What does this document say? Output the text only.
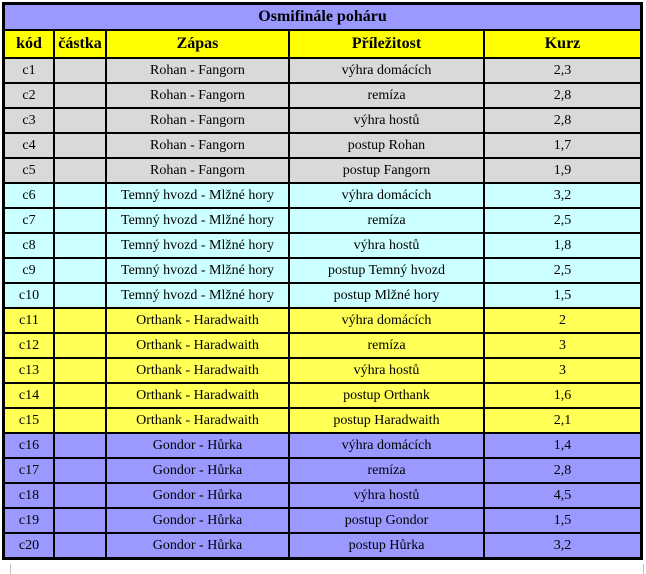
Osmifinále poháru				
kód	částka	Zápas	Příležitost	Kurz
c1		Rohan - Fangorn	výhra domácích	2,3
c2		Rohan - Fangorn	remíza	2,8
c3		Rohan - Fangorn	výhra hostů	2,8
c4		Rohan - Fangorn	postup Rohan	1,7
c5		Rohan - Fangorn	postup Fangorn	1,9
c6		Temný hvozd - Mlžné hory	výhra domácích	3,2
c7		Temný hvozd - Mlžné hory	remíza	2,5
c8		Temný hvozd - Mlžné hory	výhra hostů	1,8
c9		Temný hvozd - Mlžné hory	postup Temný hvozd	2,5
c10		Temný hvozd - Mlžné hory	postup Mlžné hory	1,5
c11		Orthank - Haradwaith	výhra domácích	2
c12		Orthank - Haradwaith	remíza	3
c13		Orthank - Haradwaith	výhra hostů	3
c14		Orthank - Haradwaith	postup Orthank	1,6
c15		Orthank - Haradwaith	postup Haradwaith	2,1
c16		Gondor - Hůrka	výhra domácích	1,4
c17		Gondor - Hůrka	remíza	2,8
c18		Gondor - Hůrka	výhra hostů	4,5
c19		Gondor - Hůrka	postup Gondor	1,5
c20		Gondor - Hůrka	postup Hůrka	3,2
